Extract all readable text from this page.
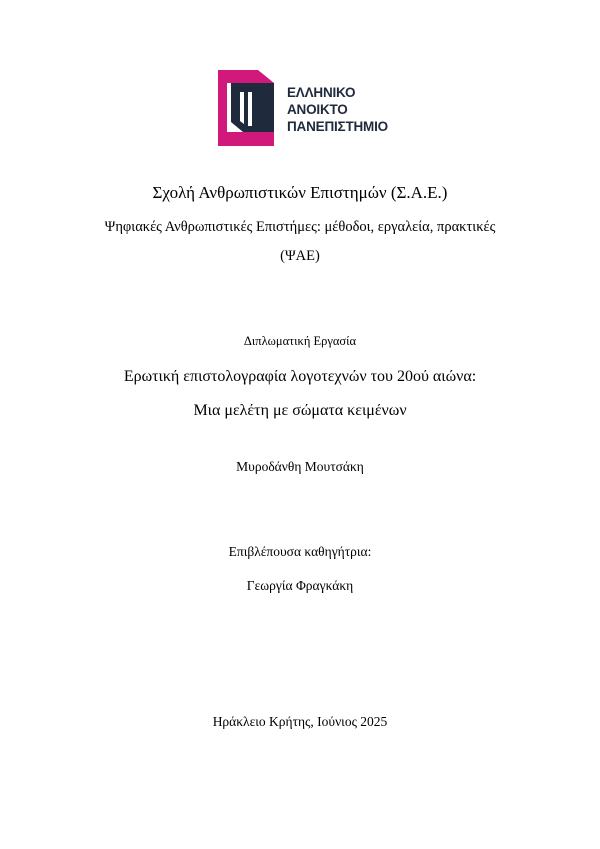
ΕΛΛΗΝΙΚΟ
ΑΝΟΙΚΤΟ
ΠΑΝΕΠΙΣΤΗΜΙΟ
Σχολή Ανθρωπιστικών Επιστημών (Σ.Α.Ε.)
Ψηφιακές Ανθρωπιστικές Επιστήμες: μέθοδοι, εργαλεία, πρακτικές
(ΨΑΕ)
Διπλωματική Εργασία
Ερωτική επιστολογραφία λογοτεχνών του 20ού αιώνα:
Μια μελέτη με σώματα κειμένων
Μυροδάνθη Μουτσάκη
Επιβλέπουσα καθηγήτρια:
Γεωργία Φραγκάκη
Ηράκλειο Κρήτης, Ιούνιος 2025
